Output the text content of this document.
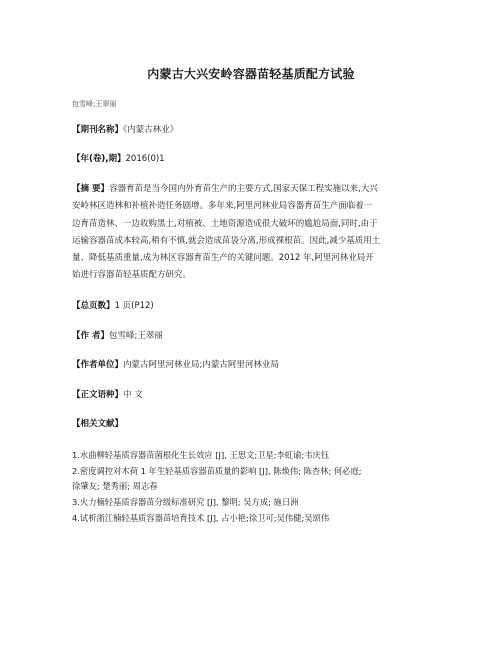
内蒙古大兴安岭容器苗轻基质配方试验
包雪峰;王翠丽
【期刊名称】《内蒙古林业》
【年(卷),期】2016(0)1
【摘 要】容器育苗是当今国内外育苗生产的主要方式,国家天保工程实施以来,大兴
安岭林区造林和补植补造任务剧增。多年来,阿里河林业局容器育苗生产面临着一
边育苗造林、一边收购黑土,对植被、土地资源造成很大破坏的尴尬局面,同时,由于
运输容器苗成本较高,稍有不慎,就会造成苗袋分离,形成裸根苗。因此,减少基质用土
量、降低基质重量,成为林区容器育苗生产的关键问题。2012 年,阿里河林业局开
始进行容器苗轻基质配方研究。
【总页数】1 页(P12)
【作 者】包雪峰;王翠丽
【作者单位】内蒙古阿里河林业局;内蒙古阿里河林业局
【正文语种】中 文
【相关文献】
1.水曲柳轻基质容器苗菌根化生长效应 [J], 王思文;卫星;李虹谕;韦庆钰
2.密度调控对木荷 1 年生轻基质容器苗质量的影响 [J], 陈焕伟; 陈杏林; 何必庭;
徐肇友; 楚秀丽; 周志春
3.火力楠轻基质容器苗分级标准研究 [J], 黎明; 吴方成; 施日洲
4.试析浙江楠轻基质容器苗培育技术 [J], 占小艳;徐卫可;吴伟健;吴颂伟
